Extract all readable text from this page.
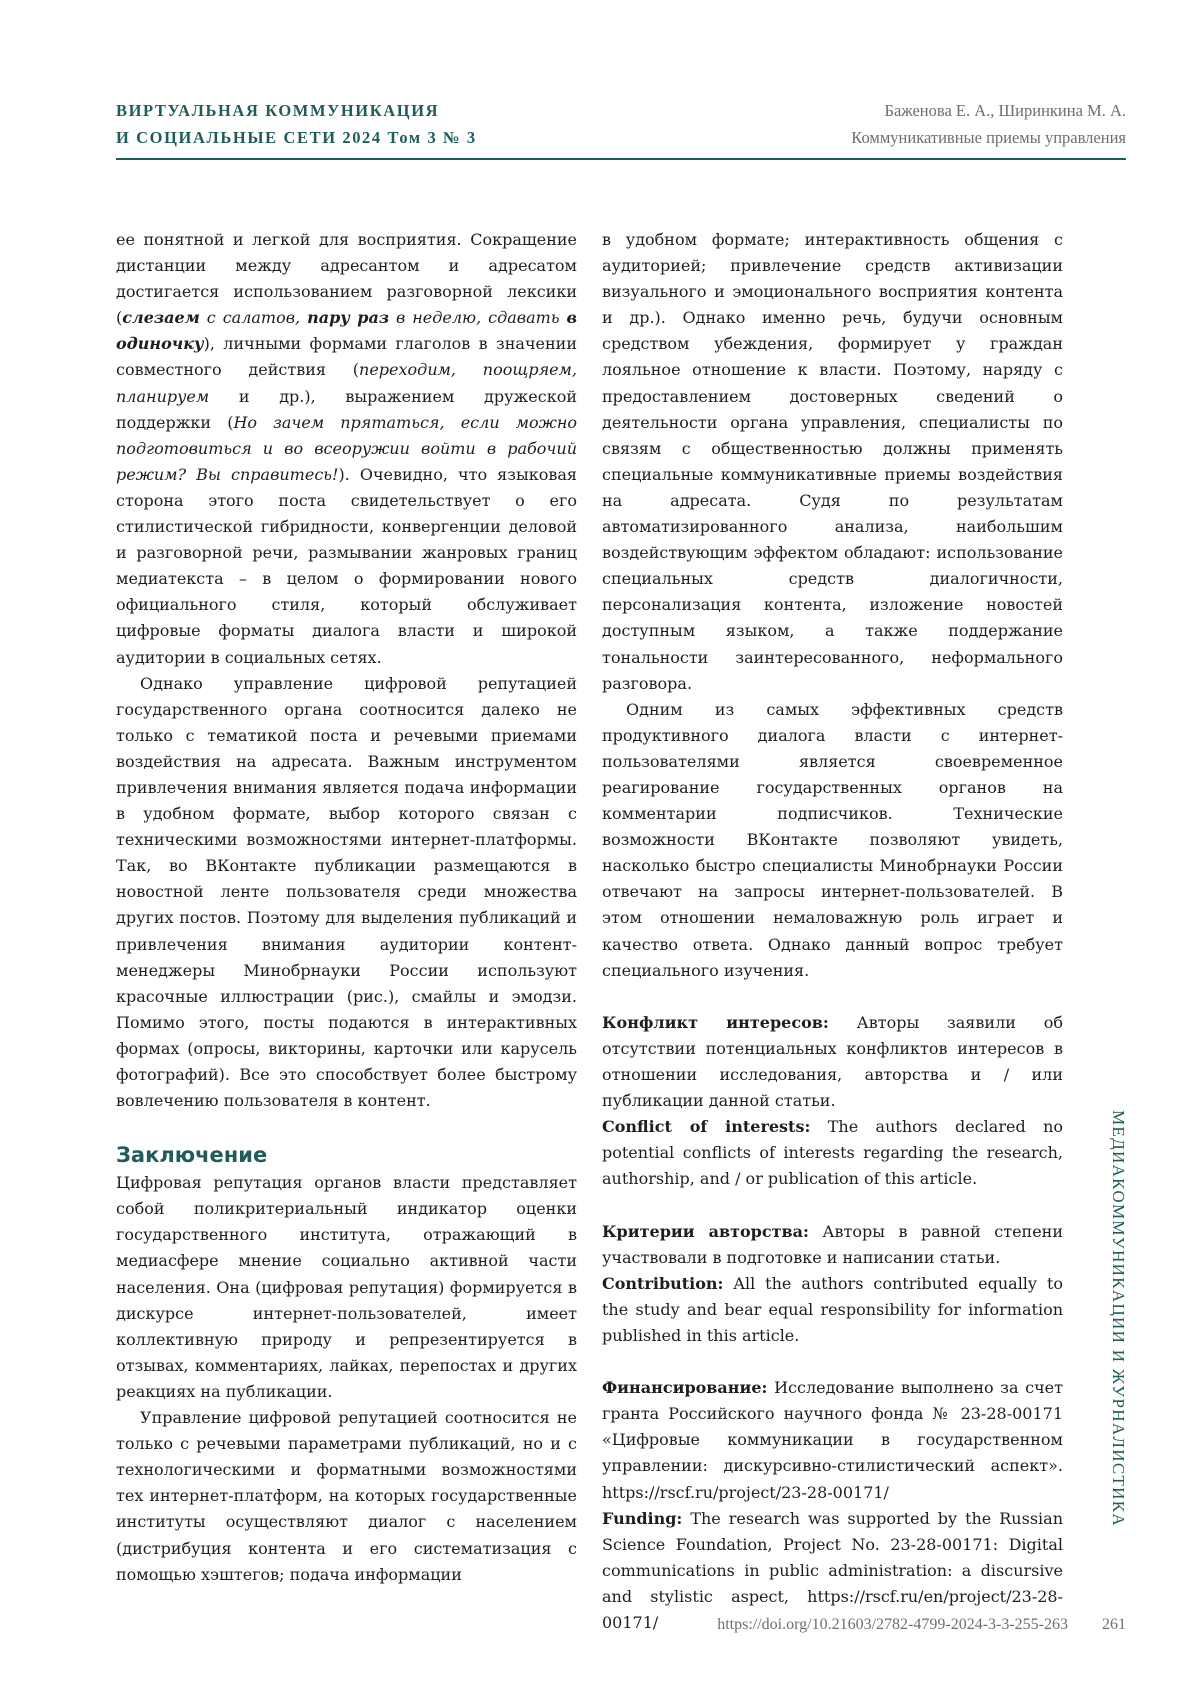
ВИРТУАЛЬНАЯ КОММУНИКАЦИЯ
И СОЦИАЛЬНЫЕ СЕТИ 2024 Том 3 № 3
Баженова Е. А., Ширинкина М. А.
Коммуникативные приемы управления

ее понятной и легкой для восприятия. Сокращение дистанции между адресантом и адресатом достигается использованием разговорной лексики (слезаем с салатов, пару раз в неделю, сдавать в одиночку), личными формами глаголов в значении совместного действия (переходим, поощряем, планируем и др.), выражением дружеской поддержки (Но зачем прятаться, если можно подготовиться и во всеоружии войти в рабочий режим? Вы справитесь!). Очевидно, что языковая сторона этого поста свидетельствует о его стилистической гибридности, конвергенции деловой и разговорной речи, размывании жанровых границ медиатекста – в целом о формировании нового официального стиля, который обслуживает цифровые форматы диалога власти и широкой аудитории в социальных сетях.

Однако управление цифровой репутацией государственного органа соотносится далеко не только с тематикой поста и речевыми приемами воздействия на адресата. Важным инструментом привлечения внимания является подача информации в удобном формате, выбор которого связан с техническими возможностями интернет-платформы. Так, во ВКонтакте публикации размещаются в новостной ленте пользователя среди множества других постов. Поэтому для выделения публикаций и привлечения внимания аудитории контент-менеджеры Минобрнауки России используют красочные иллюстрации (рис.), смайлы и эмодзи. Помимо этого, посты подаются в интерактивных формах (опросы, викторины, карточки или карусель фотографий). Все это способствует более быстрому вовлечению пользователя в контент.

Заключение

Цифровая репутация органов власти представляет собой поликритериальный индикатор оценки государственного института, отражающий в медиасфере мнение социально активной части населения. Она (цифровая репутация) формируется в дискурсе интернет-пользователей, имеет коллективную природу и репрезентируется в отзывах, комментариях, лайках, перепостах и других реакциях на публикации.

Управление цифровой репутацией соотносится не только с речевыми параметрами публикаций, но и с технологическими и форматными возможностями тех интернет-платформ, на которых государственные институты осуществляют диалог с населением (дистрибуция контента и его систематизация с помощью хэштегов; подача информации

в удобном формате; интерактивность общения с аудиторией; привлечение средств активизации визуального и эмоционального восприятия контента и др.). Однако именно речь, будучи основным средством убеждения, формирует у граждан лояльное отношение к власти. Поэтому, наряду с предоставлением достоверных сведений о деятельности органа управления, специалисты по связям с общественностью должны применять специальные коммуникативные приемы воздействия на адресата. Судя по результатам автоматизированного анализа, наибольшим воздействующим эффектом обладают: использование специальных средств диалогичности, персонализация контента, изложение новостей доступным языком, а также поддержание тональности заинтересованного, неформального разговора.

Одним из самых эффективных средств продуктивного диалога власти с интернет-пользователями является своевременное реагирование государственных органов на комментарии подписчиков. Технические возможности ВКонтакте позволяют увидеть, насколько быстро специалисты Минобрнауки России отвечают на запросы интернет-пользователей. В этом отношении немаловажную роль играет и качество ответа. Однако данный вопрос требует специального изучения.

Конфликт интересов: Авторы заявили об отсутствии потенциальных конфликтов интересов в отношении исследования, авторства и / или публикации данной статьи.

Conflict of interests: The authors declared no potential conflicts of interests regarding the research, authorship, and / or publication of this article.

Критерии авторства: Авторы в равной степени участвовали в подготовке и написании статьи.

Contribution: All the authors contributed equally to the study and bear equal responsibility for information published in this article.

Финансирование: Исследование выполнено за счет гранта Российского научного фонда № 23-28-00171 «Цифровые коммуникации в государственном управлении: дискурсивно-стилистический аспект». https://rscf.ru/project/23-28-00171/

Funding: The research was supported by the Russian Science Foundation, Project No. 23-28-00171: Digital communications in public administration: a discursive and stylistic aspect, https://rscf.ru/en/project/23-28-00171/

МЕДИАКОММУНИКАЦИИ И ЖУРНАЛИСТИКА
https://doi.org/10.21603/2782-4799-2024-3-3-255-263 261
